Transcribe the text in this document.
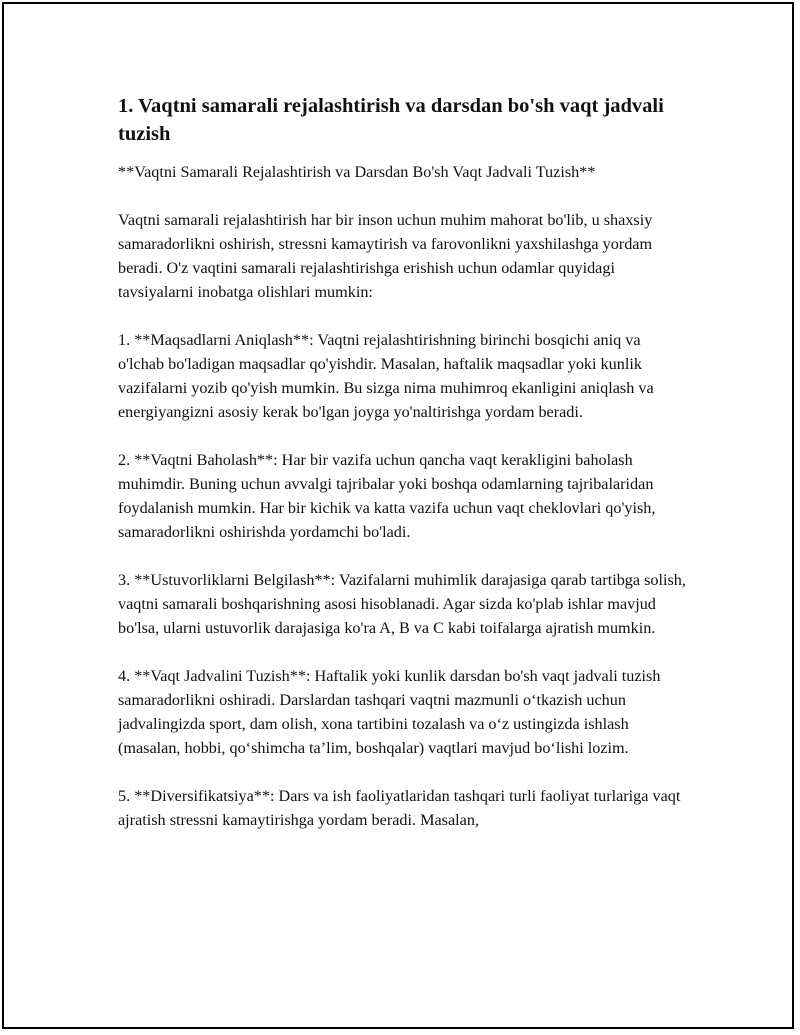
1. Vaqtni samarali rejalashtirish va darsdan bo'sh vaqt jadvali tuzish

**Vaqtni Samarali Rejalashtirish va Darsdan Bo'sh Vaqt Jadvali Tuzish**

Vaqtni samarali rejalashtirish har bir inson uchun muhim mahorat bo'lib, u shaxsiy samaradorlikni oshirish, stressni kamaytirish va farovonlikni yaxshilashga yordam beradi. O'z vaqtini samarali rejalashtirishga erishish uchun odamlar quyidagi tavsiyalarni inobatga olishlari mumkin:

1. **Maqsadlarni Aniqlash**: Vaqtni rejalashtirishning birinchi bosqichi aniq va o'lchab bo'ladigan maqsadlar qo'yishdir. Masalan, haftalik maqsadlar yoki kunlik vazifalarni yozib qo'yish mumkin. Bu sizga nima muhimroq ekanligini aniqlash va energiyangizni asosiy kerak bo'lgan joyga yo'naltirishga yordam beradi.

2. **Vaqtni Baholash**: Har bir vazifa uchun qancha vaqt kerakligini baholash muhimdir. Buning uchun avvalgi tajribalar yoki boshqa odamlarning tajribalaridan foydalanish mumkin. Har bir kichik va katta vazifa uchun vaqt cheklovlari qo'yish, samaradorlikni oshirishda yordamchi bo'ladi.

3. **Ustuvorliklarni Belgilash**: Vazifalarni muhimlik darajasiga qarab tartibga solish, vaqtni samarali boshqarishning asosi hisoblanadi. Agar sizda ko'plab ishlar mavjud bo'lsa, ularni ustuvorlik darajasiga ko'ra A, B va C kabi toifalarga ajratish mumkin.

4. **Vaqt Jadvalini Tuzish**: Haftalik yoki kunlik darsdan bo'sh vaqt jadvali tuzish samaradorlikni oshiradi. Darslardan tashqari vaqtni mazmunli o‘tkazish uchun jadvalingizda sport, dam olish, xona tartibini tozalash va o‘z ustingizda ishlash (masalan, hobbi, qo‘shimcha ta’lim, boshqalar) vaqtlari mavjud bo‘lishi lozim.

5. **Diversifikatsiya**: Dars va ish faoliyatlaridan tashqari turli faoliyat turlariga vaqt ajratish stressni kamaytirishga yordam beradi. Masalan,
